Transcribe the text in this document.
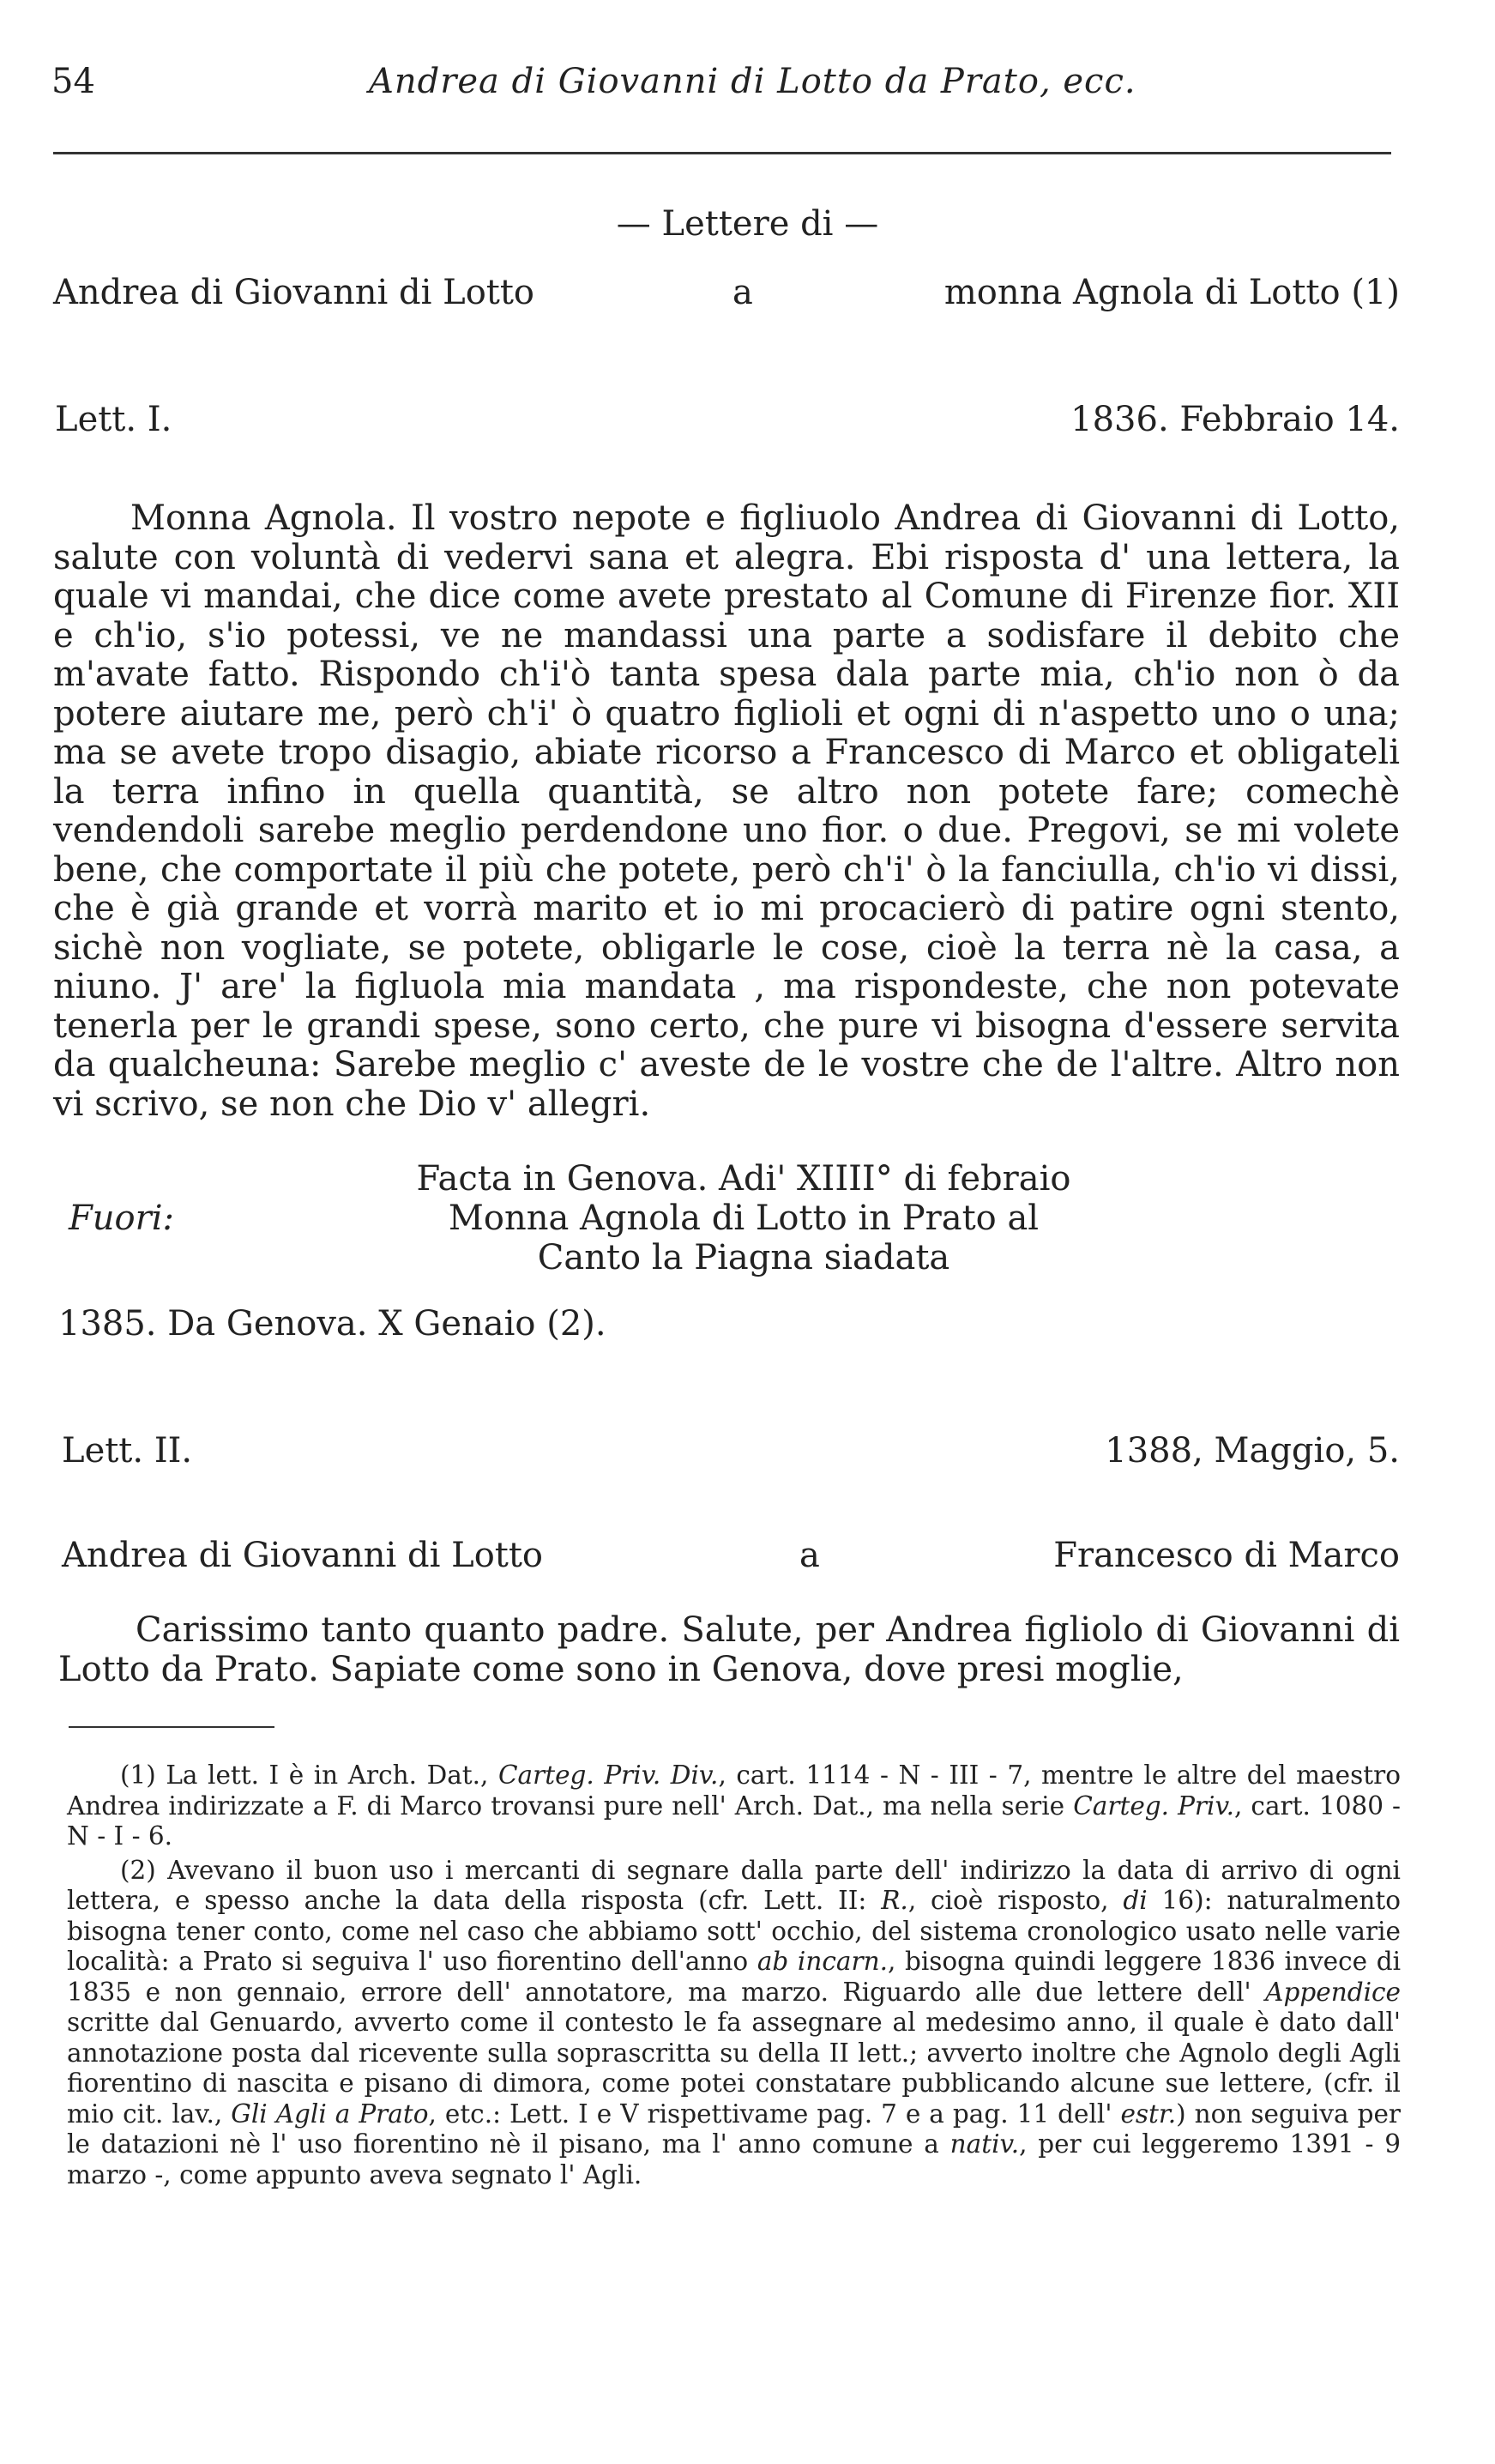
54	Andrea di Giovanni di Lotto da Prato, ecc.
— Lettere di —
Andrea di Giovanni di Lotto	a	monna Agnola di Lotto (1)
Lett. I.	1836. Febbraio 14.

Monna Agnola. Il vostro nepote e figliuolo Andrea di Giovanni di Lotto, salute con voluntà di vedervi sana et alegra. Ebi risposta d' una lettera, la quale vi mandai, che dice come avete prestato al Comune di Firenze fior. XII e ch'io, s'io potessi, ve ne mandassi una parte a sodisfare il debito che m'avate fatto. Rispondo ch'i'ò tanta spesa dala parte mia, ch'io non ò da potere aiutare me, però ch'i' ò quatro figlioli et ogni di n'aspetto uno o una; ma se avete tropo disagio, abiate ricorso a Francesco di Marco et obligateli la terra infino in quella quantità, se altro non potete fare; comechè vendendoli sarebe meglio perdendone uno fior. o due. Pregovi, se mi volete bene, che comportate il più che potete, però ch'i' ò la fanciulla, ch'io vi dissi, che è già grande et vorrà marito et io mi procacierò di patire ogni stento, sichè non vogliate, se potete, obligarle le cose, cioè la terra nè la casa, a niuno. J' are' la figluola mia mandata , ma rispondeste, che non potevate tenerla per le grandi spese, sono certo, che pure vi bisogna d'essere servita da qualcheuna: Sarebe meglio c' aveste de le vostre che de l'altre. Altro non vi scrivo, se non che Dio v' allegri.

Fuori:
Facta in Genova. Adi' XIIII° di febraio
Monna Agnola di Lotto in Prato al
Canto la Piagna siadata
1385. Da Genova. X Genaio (2).
Lett. II.	1388, Maggio, 5.
Andrea di Giovanni di Lotto	a	Francesco di Marco

Carissimo tanto quanto padre. Salute, per Andrea figliolo di Giovanni di Lotto da Prato. Sapiate come sono in Genova, dove presi moglie,

(1) La lett. I è in Arch. Dat., Carteg. Priv. Div., cart. 1114 - N - III - 7, mentre le altre del maestro Andrea indirizzate a F. di Marco trovansi pure nell' Arch. Dat., ma nella serie Carteg. Priv., cart. 1080 - N - I - 6.

(2) Avevano il buon uso i mercanti di segnare dalla parte dell' indirizzo la data di arrivo di ogni lettera, e spesso anche la data della risposta (cfr. Lett. II: R., cioè risposto, di 16): naturalmento bisogna tener conto, come nel caso che abbiamo sott' occhio, del sistema cronologico usato nelle varie località: a Prato si seguiva l' uso fiorentino dell'anno ab incarn., bisogna quindi leggere 1836 invece di 1835 e non gennaio, errore dell' annotatore, ma marzo. Riguardo alle due lettere dell' Appendice scritte dal Genuardo, avverto come il contesto le fa assegnare al medesimo anno, il quale è dato dall' annotazione posta dal ricevente sulla soprascritta su della II lett.; avverto inoltre che Agnolo degli Agli fiorentino di nascita e pisano di dimora, come potei constatare pubblicando alcune sue lettere, (cfr. il mio cit. lav., Gli Agli a Prato, etc.: Lett. I e V rispettivame pag. 7 e a pag. 11 dell' estr.) non seguiva per le datazioni nè l' uso fiorentino nè il pisano, ma l' anno comune a nativ., per cui leggeremo 1391 - 9 marzo -, come appunto aveva segnato l' Agli.
